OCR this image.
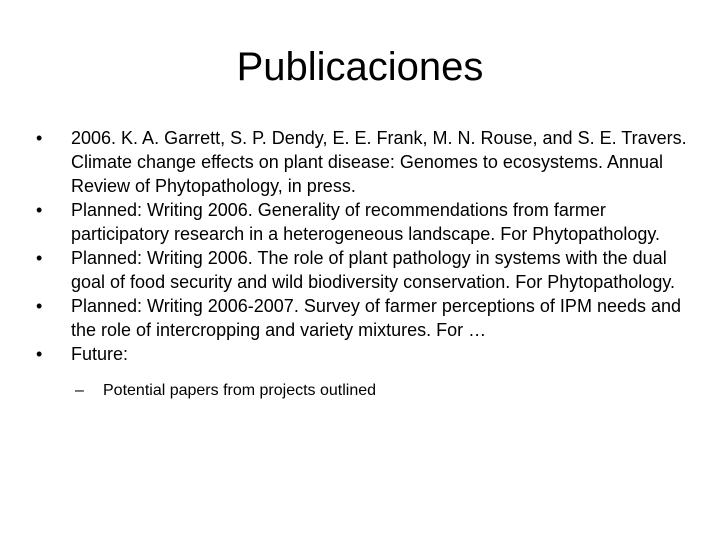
Publicaciones
• 2006. K. A. Garrett, S. P. Dendy, E. E. Frank, M. N. Rouse, and S. E. Travers. Climate change effects on plant disease: Genomes to ecosystems. Annual Review of Phytopathology, in press.
• Planned: Writing 2006. Generality of recommendations from farmer participatory research in a heterogeneous landscape. For Phytopathology.
• Planned: Writing 2006. The role of plant pathology in systems with the dual goal of food security and wild biodiversity conservation. For Phytopathology.
• Planned: Writing 2006-2007. Survey of farmer perceptions of IPM needs and the role of intercropping and variety mixtures. For …
• Future:
– Potential papers from projects outlined
